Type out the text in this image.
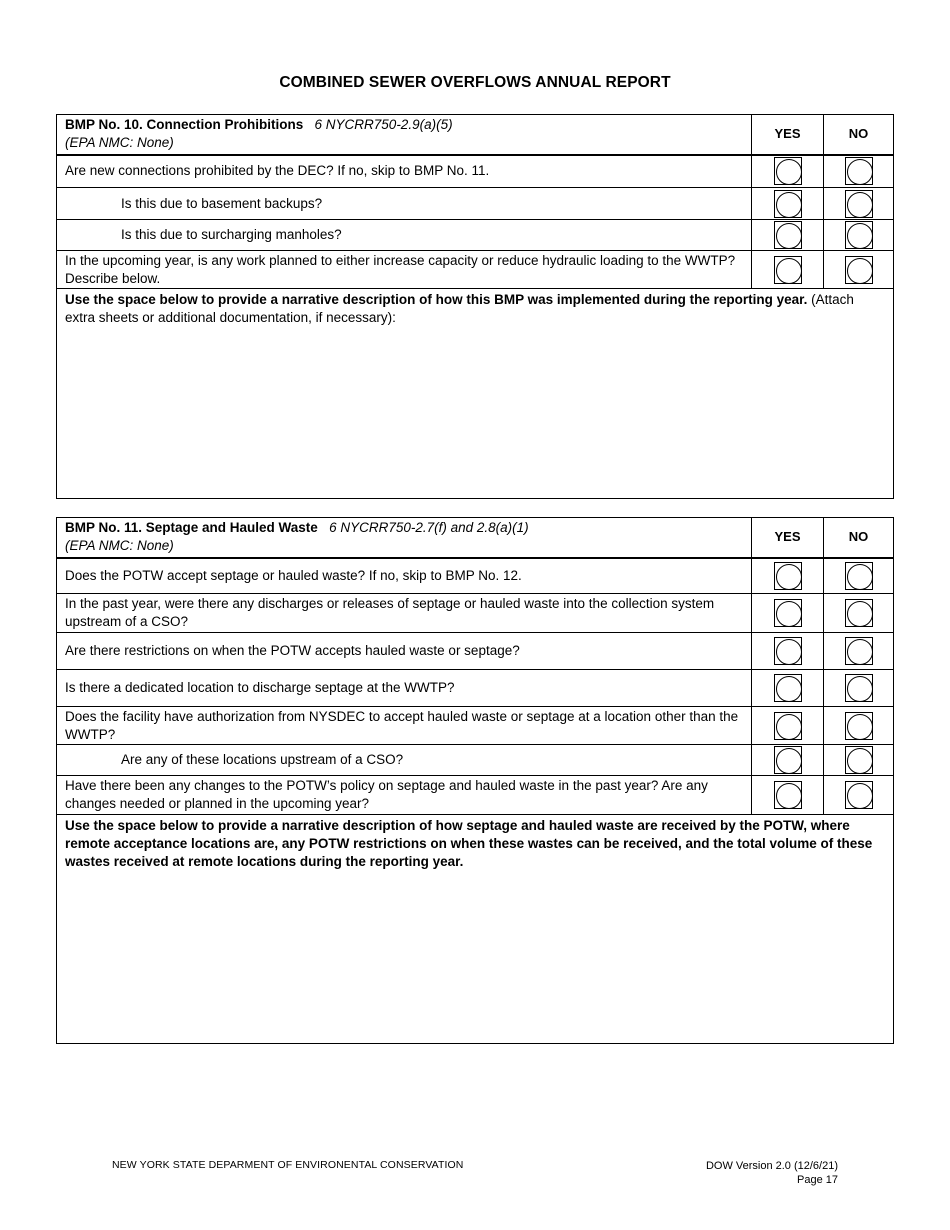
COMBINED SEWER OVERFLOWS ANNUAL REPORT
BMP No. 10. Connection Prohibitions 6 NYCRR750-2.9(a)(5)
(EPA NMC: None)	YES	NO
Are new connections prohibited by the DEC? If no, skip to BMP No. 11.		
Is this due to basement backups?		
Is this due to surcharging manholes?		
In the upcoming year, is any work planned to either increase capacity or reduce hydraulic loading to the WWTP? Describe below.		
Use the space below to provide a narrative description of how this BMP was implemented during the reporting year. (Attach extra sheets or additional documentation, if necessary):		
BMP No. 11. Septage and Hauled Waste 6 NYCRR750-2.7(f) and 2.8(a)(1)
(EPA NMC: None)	YES	NO
Does the POTW accept septage or hauled waste? If no, skip to BMP No. 12.		
In the past year, were there any discharges or releases of septage or hauled waste into the collection system upstream of a CSO?		
Are there restrictions on when the POTW accepts hauled waste or septage?		
Is there a dedicated location to discharge septage at the WWTP?		
Does the facility have authorization from NYSDEC to accept hauled waste or septage at a location other than the WWTP?		
Are any of these locations upstream of a CSO?		
Have there been any changes to the POTW’s policy on septage and hauled waste in the past year? Are any changes needed or planned in the upcoming year?		
Use the space below to provide a narrative description of how septage and hauled waste are received by the POTW, where remote acceptance locations are, any POTW restrictions on when these wastes can be received, and the total volume of these wastes received at remote locations during the reporting year.		
NEW YORK STATE DEPARMENT OF ENVIRONENTAL CONSERVATION	DOW Version 2.0 (12/6/21)
Page 17
